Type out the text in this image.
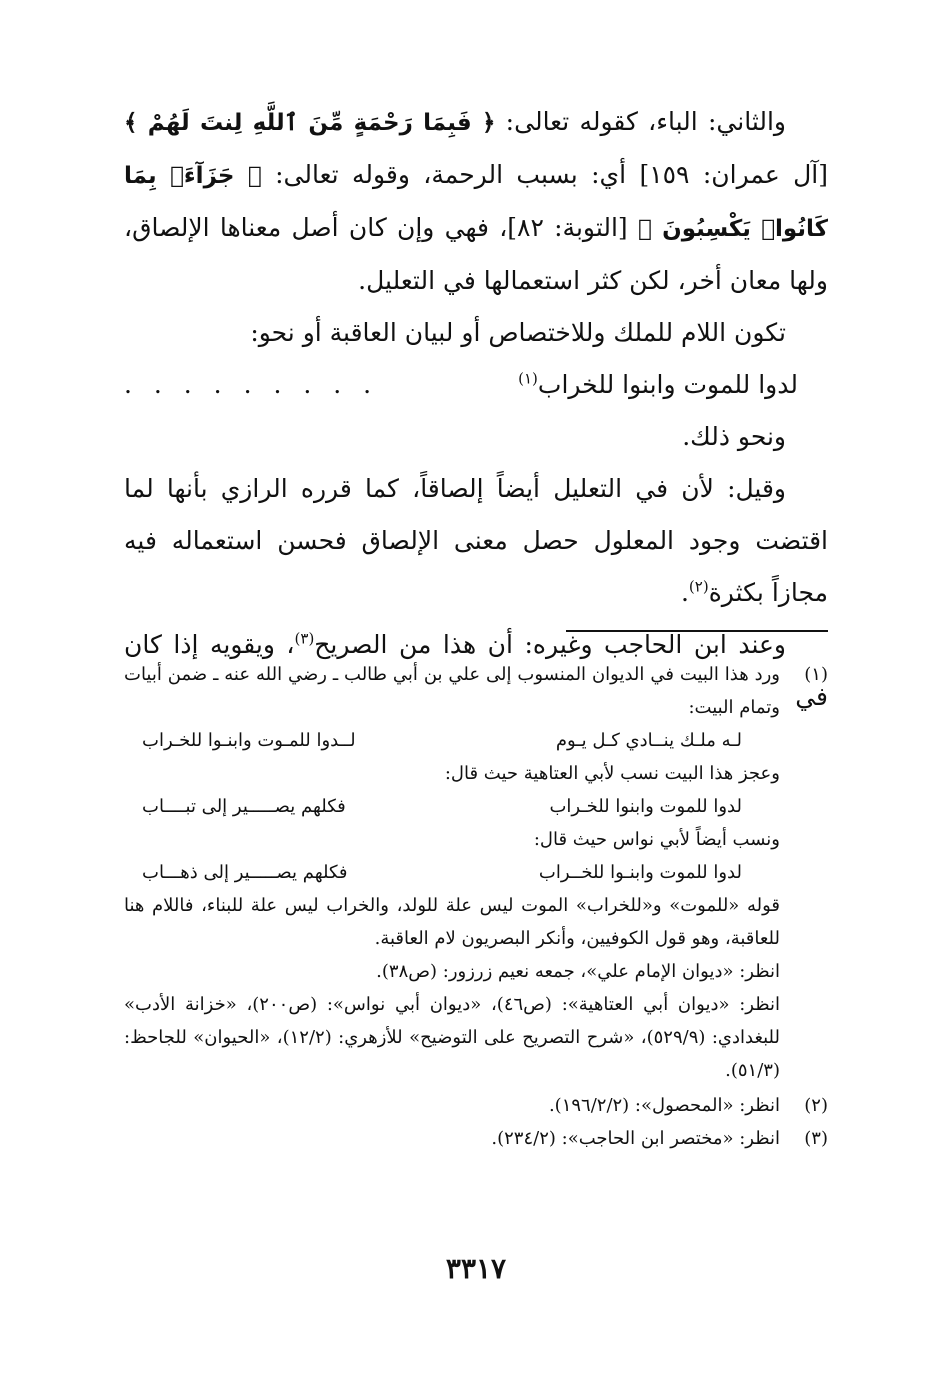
والثاني: الباء، كقوله تعالى: ﴿ فَبِمَا رَحْمَةٍ مِّنَ ٱللَّهِ لِنتَ لَهُمْ ﴾ [آل عمران: ١٥٩] أي: بسبب الرحمة، وقوله تعالى: ﴿ جَزَآءَۢ بِمَا كَانُوا۟ يَكْسِبُونَ ﴾ [التوبة: ٨٢]، فهي وإن كان أصل معناها الإلصاق، ولها معان أخر، لكن كثر استعمالها في التعليل.

تكون اللام للملك وللاختصاص أو لبيان العاقبة أو نحو:

لدوا للموت وابنوا للخراب$^{(١)}$
. . . . . . . . .

ونحو ذلك.

وقيل: لأن في التعليل أيضاً إلصاقاً، كما قرره الرازي بأنها لما اقتضت وجود المعلول حصل معنى الإلصاق فحسن استعماله فيه مجازاً بكثرة$^{(٢)}$.

وعند ابن الحاجب وغيره: أن هذا من الصريح$^{(٣)}$، ويقويه إذا كان في

(١)
ورد هذا البيت في الديوان المنسوب إلى علي بن أبي طالب ـ رضي الله عنه ـ ضمن أبيات وتمام البيت:
لـه ملـك ينــادي كـل يـوم
لــدوا للمـوت وابنـوا للخـراب
وعجز هذا البيت نسب لأبي العتاهية حيث قال:
لدوا للموت وابنوا للخـراب
فكلهم يصـــــير إلى تبــــاب
ونسب أيضاً لأبي نواس حيث قال:
لدوا للموت وابنـوا للخــراب
فكلهم يصـــــير إلى ذهـــاب
قوله «للموت» و«للخراب» الموت ليس علة للولد، والخراب ليس علة للبناء، فاللام هنا للعاقبة، وهو قول الكوفيين، وأنكر البصريون لام العاقبة.
انظر: «ديوان الإمام علي»، جمعه نعيم زرزور: (ص٣٨).
انظر: «ديوان أبي العتاهية»: (ص٤٦)، «ديوان أبي نواس»: (ص٢٠٠)، «خزانة الأدب» للبغدادي: (٥٢٩/٩)، «شرح التصريح على التوضيح» للأزهري: (١٢/٢)، «الحيوان» للجاحظ: (٥١/٣).
(٢)
انظر: «المحصول»: (١٩٦/٢/٢).
(٣)
انظر: «مختصر ابن الحاجب»: (٢٣٤/٢).
٣٣١٧
